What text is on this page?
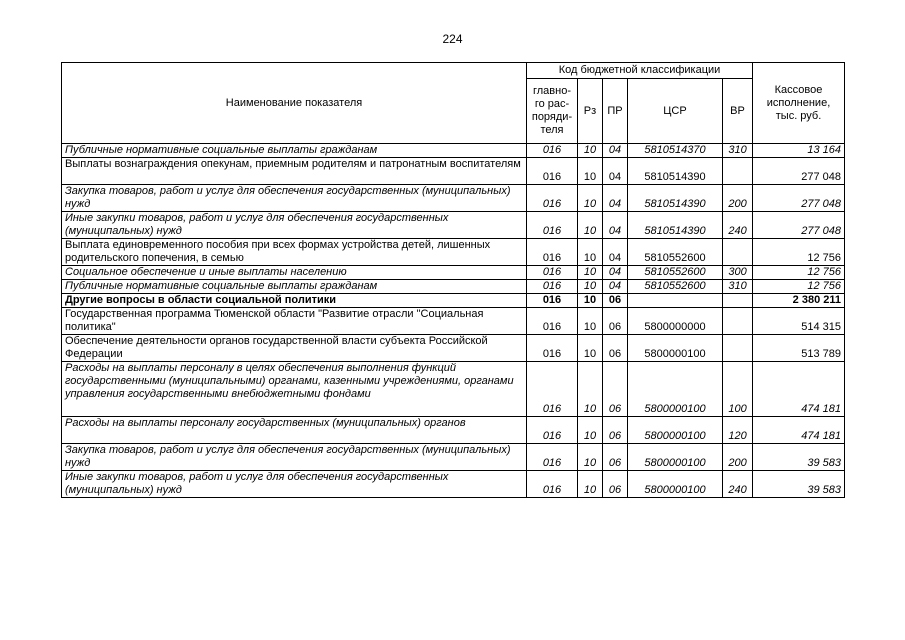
224
Наименование показателя	Код бюджетной классификации					Кассовое исполнение, тыс. руб.
	главно-го рас-поряди-теля	Рз	ПР	ЦСР	ВР	
Публичные нормативные социальные выплаты гражданам	016	10	04	5810514370	310	13 164
Выплаты вознаграждения опекунам, приемным родителям и патронатным воспитателям	016	10	04	5810514390		277 048
Закупка товаров, работ и услуг для обеспечения государственных (муниципальных) нужд	016	10	04	5810514390	200	277 048
Иные закупки товаров, работ и услуг для обеспечения государственных (муниципальных) нужд	016	10	04	5810514390	240	277 048
Выплата единовременного пособия при всех формах устройства детей, лишенных родительского попечения, в семью	016	10	04	5810552600		12 756
Социальное обеспечение и иные выплаты населению	016	10	04	5810552600	300	12 756
Публичные нормативные социальные выплаты гражданам	016	10	04	5810552600	310	12 756
Другие вопросы в области социальной политики	016	10	06			2 380 211
Государственная программа Тюменской области "Развитие отрасли "Социальная политика"	016	10	06	5800000000		514 315
Обеспечение деятельности органов государственной власти субъекта Российской Федерации	016	10	06	5800000100		513 789
Расходы на выплаты персоналу в целях обеспечения выполнения функций государственными (муниципальными) органами, казенными учреждениями, органами управления государственными внебюджетными фондами	016	10	06	5800000100	100	474 181
Расходы на выплаты персоналу государственных (муниципальных) органов	016	10	06	5800000100	120	474 181
Закупка товаров, работ и услуг для обеспечения государственных (муниципальных) нужд	016	10	06	5800000100	200	39 583
Иные закупки товаров, работ и услуг для обеспечения государственных (муниципальных) нужд	016	10	06	5800000100	240	39 583
